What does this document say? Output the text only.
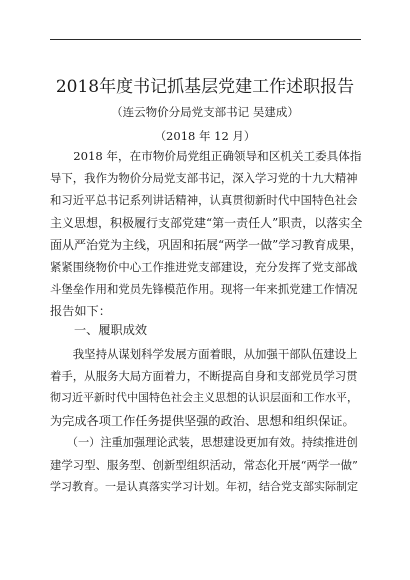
2018年度书记抓基层党建工作述职报告
（连云物价分局党支部书记 吴建成）
（2018 年 12 月）
　　2018 年，在市物价局党组正确领导和区机关工委具体指
导下，我作为物价分局党支部书记，深入学习党的十九大精神
和习近平总书记系列讲话精神，认真贯彻新时代中国特色社会
主义思想，积极履行支部党建“第一责任人”职责，以落实全
面从严治党为主线，巩固和拓展“两学一做”学习教育成果，
紧紧围绕物价中心工作推进党支部建设，充分发挥了党支部战
斗堡垒作用和党员先锋模范作用。现将一年来抓党建工作情况
报告如下：
一、履职成效
　　我坚持从谋划科学发展方面着眼，从加强干部队伍建设上
着手，从服务大局方面着力，不断提高自身和支部党员学习贯
彻习近平新时代中国特色社会主义思想的认识层面和工作水平，
为完成各项工作任务提供坚强的政治、思想和组织保证。
　　（一）注重加强理论武装，思想建设更加有效。持续推进创
建学习型、服务型、创新型组织活动，常态化开展“两学一做”
学习教育。一是认真落实学习计划。年初，结合党支部实际制定
